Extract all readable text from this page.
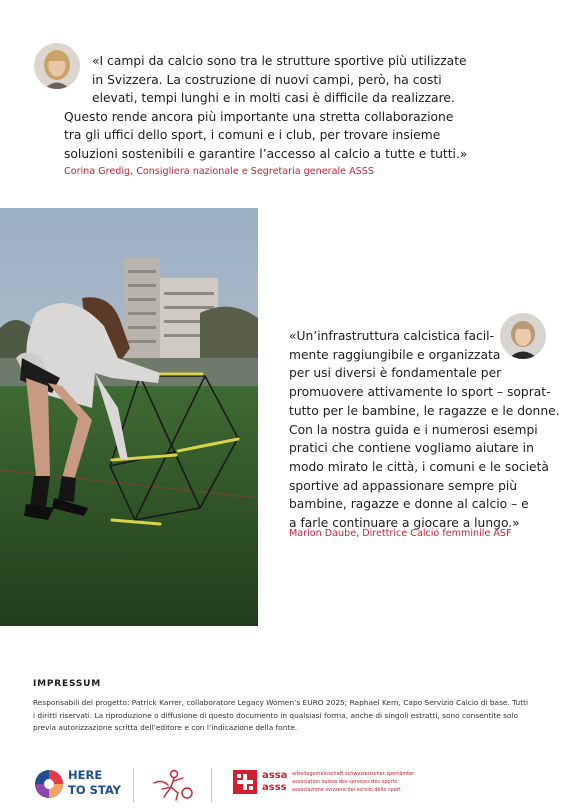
«I campi da calcio sono tra le strutture sportive più utilizzate
in Svizzera. La costruzione di nuovi campi, però, ha costi
elevati, tempi lunghi e in molti casi è difficile da realizzare.
Questo rende ancora più importante una stretta collaborazione
tra gli uffici dello sport, i comuni e i club, per trovare insieme
soluzioni sostenibili e garantire l’accesso al calcio a tutte e tutti.»
Corina Gredig, Consigliera nazionale e Segretaria generale ASSS
«Un’infrastruttura calcistica facil-
mente raggiungibile e organizzata
per usi diversi è fondamentale per
promuovere attivamente lo sport – soprat-
tutto per le bambine, le ragazze e le donne.
Con la nostra guida e i numerosi esempi
pratici che contiene vogliamo aiutare in
modo mirato le città, i comuni e le società
sportive ad appassionare sempre più
bambine, ragazze e donne al calcio – e
a farle continuare a giocare a lungo.»
Marion Daube, Direttrice Calcio femminile ASF
IMPRESSUM
Responsabili del progetto: Patrick Karrer, collaboratore Legacy Women’s EURO 2025; Raphael Kern, Capo Servizio Calcio di base. Tutti
i diritti riservati. La riproduzione o diffusione di questo documento in qualsiasi forma, anche di singoli estratti, sono consentite solo
previa autorizzazione scritta dell’editore e con l’indicazione della fonte.
HERE
TO STAY
assa
asss
arbeitsgemeinschaft schweizerischer sportämter
association suisse des services des sports
associazione svizzera dei servizi dello sport
